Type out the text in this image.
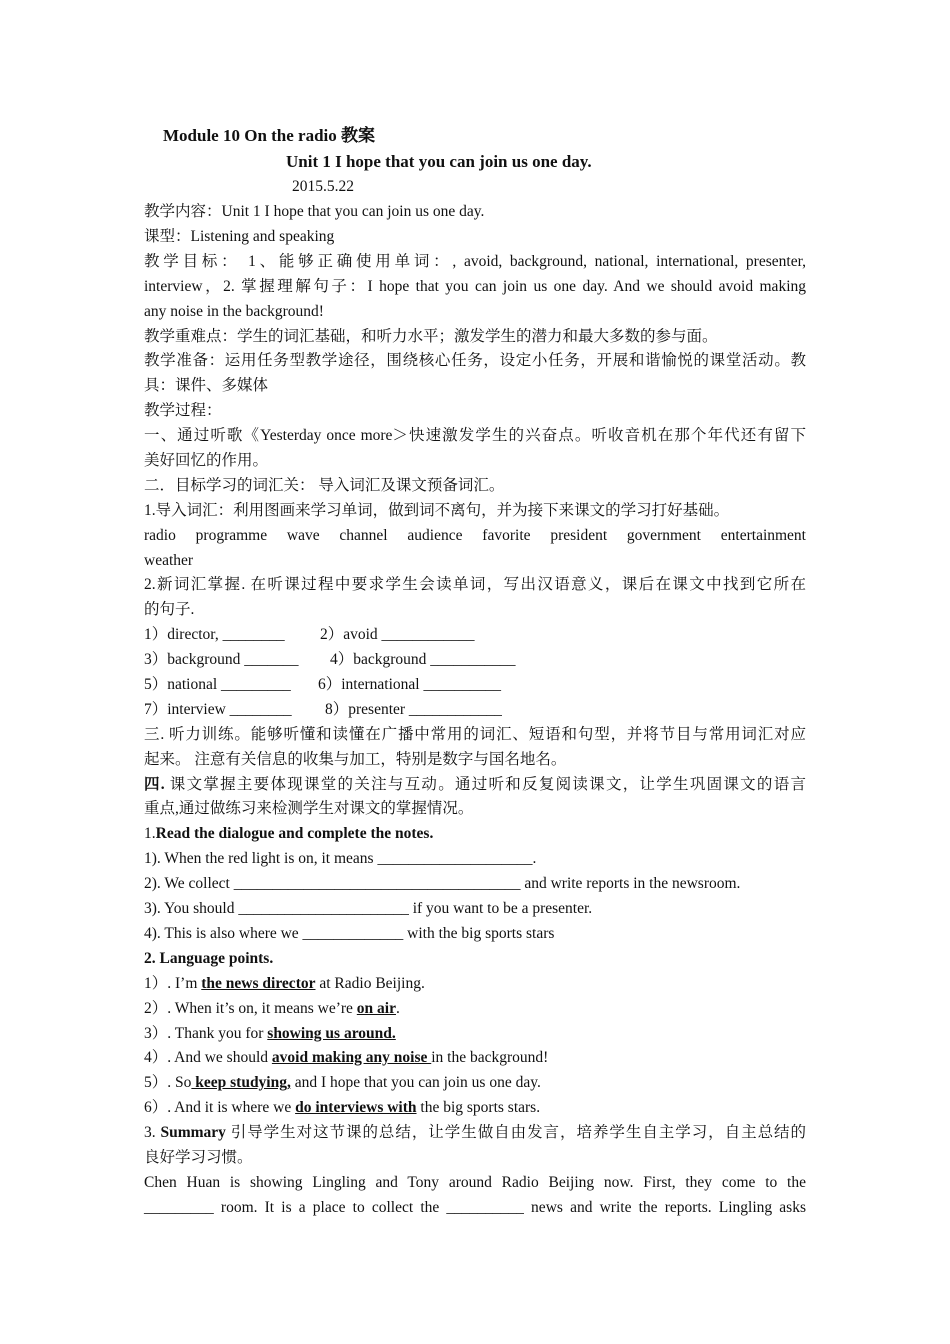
Module 10 On the radio 教案
Unit 1 I hope that you can join us one day.
2015.5.22
教学内容：Unit 1 I hope that you can join us one day.
课型：Listening and speaking
教学目标： 1、能够正确使用单词：, avoid, background, national, international, presenter,
interview，2. 掌握理解句子：I hope that you can join us one day. And we should avoid making
any noise in the background!
教学重难点：学生的词汇基础，和听力水平；激发学生的潜力和最大多数的参与面。
教学准备：运用任务型教学途径，围绕核心任务，设定小任务，开展和谐愉悦的课堂活动。教
具：课件、多媒体
教学过程：
一、通过听歌《Yesterday once more＞快速激发学生的兴奋点。听收音机在那个年代还有留下
美好回忆的作用。
二．目标学习的词汇关： 导入词汇及课文预备词汇。
1.导入词汇：利用图画来学习单词，做到词不离句，并为接下来课文的学习打好基础。
radio programme wave channel audience favorite president government entertainment
weather
2.新词汇掌握. 在听课过程中要求学生会读单词，写出汉语意义，课后在课文中找到它所在
的句子.
1）director, ________ 2）avoid ____________
3）background _______ 4）background ___________
5）national _________ 6）international __________
7）interview ________ 8）presenter ____________
三. 听力训练。能够听懂和读懂在广播中常用的词汇、短语和句型，并将节目与常用词汇对应
起来。 注意有关信息的收集与加工，特别是数字与国名地名。
四. 课文掌握主要体现课堂的关注与互动。通过听和反复阅读课文，让学生巩固课文的语言
重点,通过做练习来检测学生对课文的掌握情况。
1.Read the dialogue and complete the notes.
1). When the red light is on, it means ____________________.
2). We collect _____________________________________ and write reports in the newsroom.
3). You should ______________________ if you want to be a presenter.
4). This is also where we _____________ with the big sports stars
2. Language points.
1）. I’m the news director at Radio Beijing.
2）. When it’s on, it means we’re on air.
3）. Thank you for showing us around.
4）. And we should avoid making any noise in the background!
5）. So keep studying, and I hope that you can join us one day.
6）. And it is where we do interviews with the big sports stars.
3. Summary 引导学生对这节课的总结，让学生做自由发言，培养学生自主学习，自主总结的
良好学习习惯。
Chen Huan is showing Lingling and Tony around Radio Beijing now. First, they come to the
_________ room. It is a place to collect the __________ news and write the reports. Lingling asks
